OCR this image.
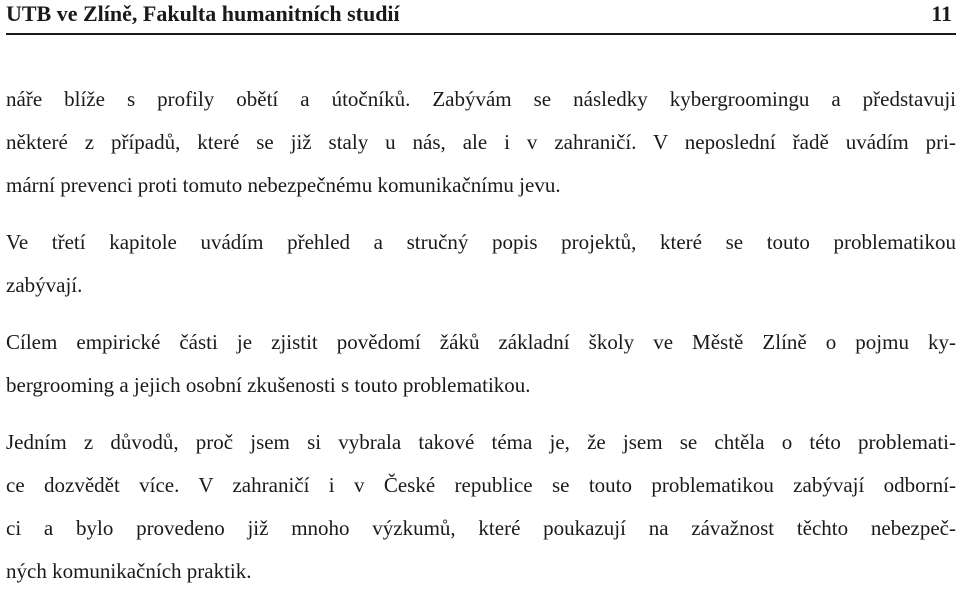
UTB ve Zlíně, Fakulta humanitních studií	11
náře blíže s profily obětí a útočníků. Zabývám se následky kybergroomingu a představuji
některé z případů, které se již staly u nás, ale i v zahraničí. V neposlední řadě uvádím pri-
mární prevenci proti tomuto nebezpečnému komunikačnímu jevu.
Ve třetí kapitole uvádím přehled a stručný popis projektů, které se touto problematikou
zabývají.
Cílem empirické části je zjistit povědomí žáků základní školy ve Městě Zlíně o pojmu ky-
bergrooming a jejich osobní zkušenosti s touto problematikou.
Jedním z důvodů, proč jsem si vybrala takové téma je, že jsem se chtěla o této problemati-
ce dozvědět více. V zahraničí i v České republice se touto problematikou zabývají odborní-
ci a bylo provedeno již mnoho výzkumů, které poukazují na závažnost těchto nebezpeč-
ných komunikačních praktik.
